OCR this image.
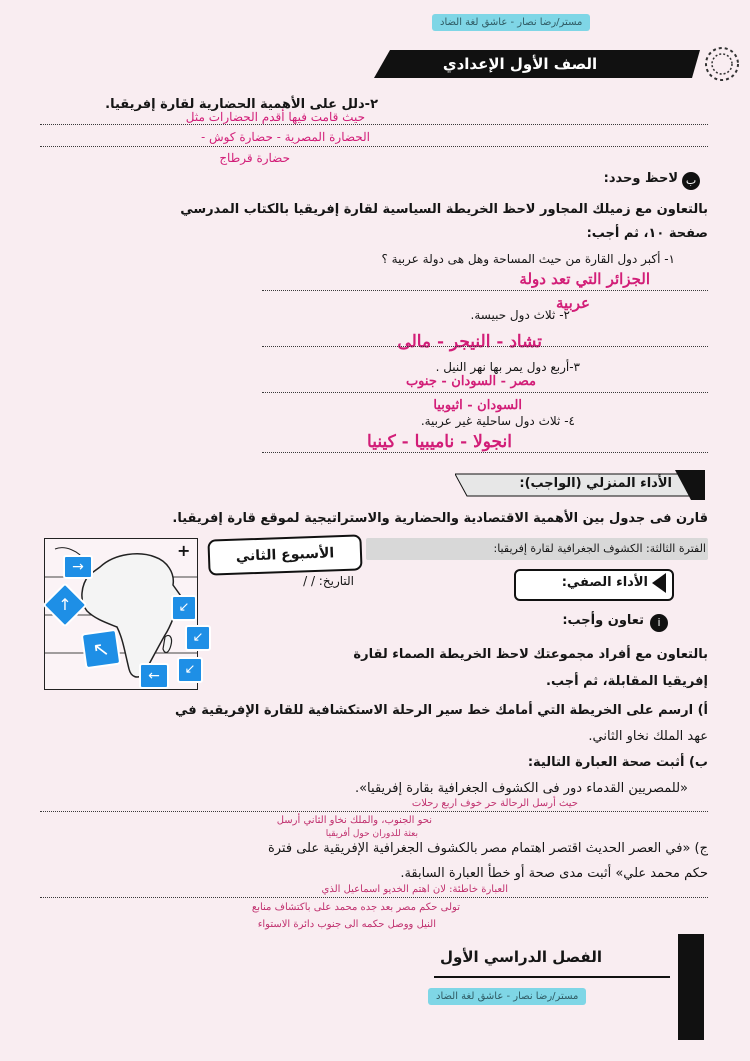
مستر/رضا نصار - عاشق لغة الضاد
الصف الأول الإعدادي
٢-دلل على الأهمية الحضارية لقارة إفريقيا.
حيث قامت فيها أقدم الحضارات مثل
الحضارة المصرية - حضارة كوش -
حضارة قرطاج
ب
لاحظ وحدد:
بالتعاون مع زميلك المجاور لاحظ الخريطة السياسية لقارة إفريقيا بالكتاب المدرسي
صفحة ١٠، ثم أجب:
١- أكبر دول القارة من حيث المساحة وهل هى دولة عربية ؟
الجزائر التي تعد دولة
عربية
٢- ثلاث دول حبيسة.
تشاد - النيجر - مالى
٣-أربع دول يمر بها نهر النيل .
مصر - السودان - جنوب
السودان - اثيوبيا
٤- ثلاث دول ساحلية غير عربية.
انجولا - ناميبيا - كينيا
الأداء المنزلي (الواجب):
قارن فى جدول بين الأهمية الاقتصادية والحضارية والاستراتيجية لموقع قارة إفريقيا.
+
→
↑	↙
↖	↙
↙
←
الفترة الثالثة: الكشوف الجغرافية لقارة إفريقيا:
الأسبوع الثاني
التاريخ: / /	الأداء الصفي:
i
تعاون وأجب:
بالتعاون مع أفراد مجموعتك لاحظ الخريطة الصماء لقارة
إفريقيا المقابلة، ثم أجب.
أ) ارسم على الخريطة التي أمامك خط سير الرحلة الاستكشافية للقارة الإفريقية في
عهد الملك نخاو الثاني.
ب) أثبت صحة العبارة التالية:
«للمصريين القدماء دور فى الكشوف الجغرافية بقارة إفريقيا».
حيث أرسل الرحالة حر خوف اربع رحلات
نحو الجنوب، والملك نخاو الثاني أرسل
بعثة للدوران حول أفريقيا
ج) «في العصر الحديث اقتصر اهتمام مصر بالكشوف الجغرافية الإفريقية على فترة
حكم محمد علي» أثبت مدى صحة أو خطأ العبارة السابقة.
العبارة خاطئة: لان اهتم الخديو اسماعيل الذي
تولى حكم مصر بعد جده محمد على باكتشاف منابع
النيل ووصل حكمه الى جنوب دائرة الاستواء
الفصل الدراسي الأول
مستر/رضا نصار - عاشق لغة الضاد
